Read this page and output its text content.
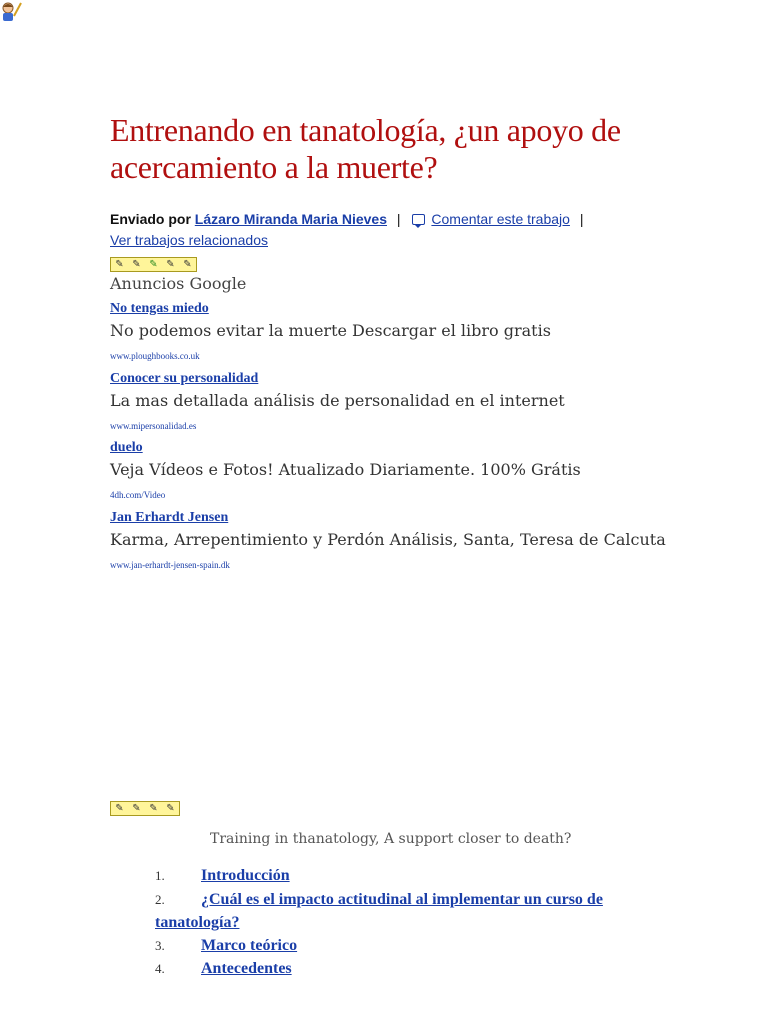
Entrenando en tanatología, ¿un apoyo de acercamiento a la muerte?
Enviado por Lázaro Miranda Maria Nieves | Comentar este trabajo |
Ver trabajos relacionados
✎ ✎ ✎ ✎ ✎
Anuncios Google
No tengas miedo
No podemos evitar la muerte Descargar el libro gratis
www.ploughbooks.co.uk
Conocer su personalidad
La mas detallada análisis de personalidad en el internet
www.mipersonalidad.es
duelo
Veja Vídeos e Fotos! Atualizado Diariamente. 100% Grátis
4dh.com/Video
Jan Erhardt Jensen
Karma, Arrepentimiento y Perdón Análisis, Santa, Teresa de Calcuta
www.jan-erhardt-jensen-spain.dk
✎ ✎ ✎ ✎
Training in thanatology, A support closer to death?
1. Introducción
2. ¿Cuál es el impacto actitudinal al implementar un curso de tanatología?
3. Marco teórico
4. Antecedentes
